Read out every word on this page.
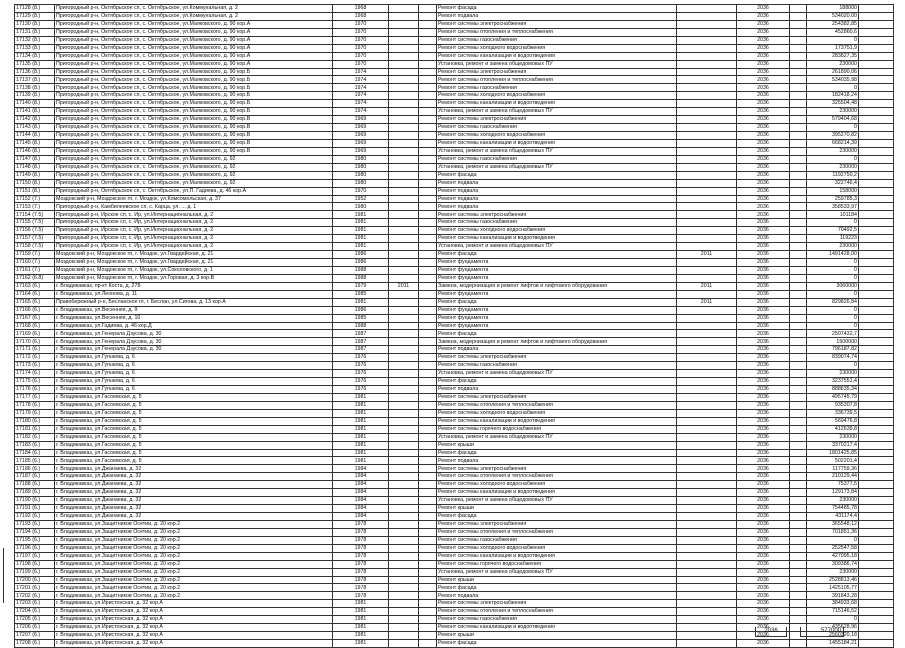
17128 (8.)	Пригородный р-н, Октябрьское сп, с. Октябрьское, ул.Коммунальная, д. 2	1968			Ремонт фасада		2036		188000	
17129 (8.)	Пригородный р-н, Октябрьское сп, с. Октябрьское, ул.Коммунальная, д. 2	1968			Ремонт подвала		2036		534020,00	
17130 (8.)	Пригородный р-н, Октябрьское сп, с. Октябрьское, ул.Маяковского, д. 90 кор.А	1970			Ремонт системы электроснабжения		2036		254382,85	
17131 (8.)	Пригородный р-н, Октябрьское сп, с. Октябрьское, ул.Маяковского, д. 90 кор.А	1970			Ремонт системы отопления и теплоснабжения		2036		452860,6	
17132 (8.)	Пригородный р-н, Октябрьское сп, с. Октябрьское, ул.Маяковского, д. 90 кор.А	1970			Ремонт системы газоснабжения		2036		0	
17133 (8.)	Пригородный р-н, Октябрьское сп, с. Октябрьское, ул.Маяковского, д. 90 кор.А	1970			Ремонт системы холодного водоснабжения		2036		173751,9	
17134 (8.)	Пригородный р-н, Октябрьское сп, с. Октябрьское, ул.Маяковского, д. 90 кор.А	1970			Ремонт системы канализации и водоотведения		2036		283827,35	
17135 (8.)	Пригородный р-н, Октябрьское сп, с. Октябрьское, ул.Маяковского, д. 90 кор.А	1970			Установка, ремонт и замена общедомовых ПУ		2036		230000	
17136 (8.)	Пригородный р-н, Октябрьское сп, с. Октябрьское, ул.Маяковского, д. 90 кор.Б	1974			Ремонт системы электроснабжения		2036		261890,06	
17137 (8.)	Пригородный р-н, Октябрьское сп, с. Октябрьское, ул.Маяковского, д. 90 кор.Б	1974			Ремонт системы отопления и теплоснабжения		2036		534035,98	
17138 (8.)	Пригородный р-н, Октябрьское сп, с. Октябрьское, ул.Маяковского, д. 90 кор.Б	1974			Ремонт системы газоснабжения		2036		0	
17139 (8.)	Пригородный р-н, Октябрьское сп, с. Октябрьское, ул.Маяковского, д. 90 кор.Б	1974			Ремонт системы холодного водоснабжения		2036		182418,24	
17140 (8.)	Пригородный р-н, Октябрьское сп, с. Октябрьское, ул.Маяковского, д. 90 кор.Б	1974			Ремонт системы канализации и водоотведения		2036		325504,48	
17141 (8.)	Пригородный р-н, Октябрьское сп, с. Октябрьское, ул.Маяковского, д. 90 кор.Б	1974			Установка, ремонт и замена общедомовых ПУ		2036		230000	
17142 (8.)	Пригородный р-н, Октябрьское сп, с. Октябрьское, ул.Маяковского, д. 90 кор.В	1969			Ремонт системы электроснабжения		2036		579404,68	
17143 (8.)	Пригородный р-н, Октябрьское сп, с. Октябрьское, ул.Маяковского, д. 90 кор.В	1969			Ремонт системы газоснабжения		2036		0	
17144 (8.)	Пригородный р-н, Октябрьское сп, с. Октябрьское, ул.Маяковского, д. 90 кор.В	1969			Ремонт системы холодного водоснабжения		2036		395270,82	
17145 (8.)	Пригородный р-н, Октябрьское сп, с. Октябрьское, ул.Маяковского, д. 90 кор.В	1969			Ремонт системы канализации и водоотведения		2036		668214,39	
17146 (8.)	Пригородный р-н, Октябрьское сп, с. Октябрьское, ул.Маяковского, д. 90 кор.В	1969			Установка, ремонт и замена общедомовых ПУ		2036		230000	
17147 (8.)	Пригородный р-н, Октябрьское сп, с. Октябрьское, ул.Маяковского, д. 92	1980			Ремонт системы газоснабжения		2036		0	
17148 (8.)	Пригородный р-н, Октябрьское сп, с. Октябрьское, ул.Маяковского, д. 92	1980			Установка, ремонт и замена общедомовых ПУ		2036		230000	
17149 (8.)	Пригородный р-н, Октябрьское сп, с. Октябрьское, ул.Маяковского, д. 92	1980			Ремонт фасада		2036		1192750,2	
17150 (8.)	Пригородный р-н, Октябрьское сп, с. Октябрьское, ул.Маяковского, д. 92	1980			Ремонт подвала		2036		322746,4	
17151 (8.)	Пригородный р-н, Октябрьское сп, с. Октябрьское, ул.П. Гадиева, д. 46 кор.А	1970			Ремонт подвала		2036		158000	
17152 (7.)	Моздокский р-н, Моздокское гп, г. Моздок, ул.Комсомольская, д. 37	1952			Ремонт подвала		2036		259785,3	
17153 (7.)	Пригородный р-н, Камбилеевское сп, с. Карца, ул. ... д. 1	1980			Ремонт подвала		2036		358533,97	
17154 (7.5)	Пригородный р-н, Ирское сп, с. Ир, ул.Интернациональная, д. 2	1981			Ремонт системы электроснабжения		2036		101184	
17155 (7.5)	Пригородный р-н, Ирское сп, с. Ир, ул.Интернациональная, д. 2	1981			Ремонт системы газоснабжения		2036		0	
17156 (7.5)	Пригородный р-н, Ирское сп, с. Ир, ул.Интернациональная, д. 2	1981			Ремонт системы холодного водоснабжения		2036		70492,5	
17157 (7.5)	Пригородный р-н, Ирское сп, с. Ир, ул.Интернациональная, д. 2	1981			Ремонт системы канализации и водоотведения		2036		119223	
17158 (7.5)	Пригородный р-н, Ирское сп, с. Ир, ул.Интернациональная, д. 2	1981			Установка, ремонт и замена общедомовых ПУ		2036		230000	
17159 (7.)	Моздокский р-н, Моздокское гп, г. Моздок, ул.Гвардейская, д. 21	1986			Ремонт фасада	2011	2036		1491428,00	
17160 (7.)	Моздокский р-н, Моздокское гп, г. Моздок, ул.Гвардейская, д. 21	1986			Ремонт фундамента		2036		0	
17161 (7.)	Моздокский р-н, Моздокское гп, г. Моздок, ул.Соколовского, д. 1	1988			Ремонт фундамента		2036		0	
17162 (6.8)	Моздокский р-н, Моздокское гп, г. Моздок, ул.Горовая, д. 3 кор.В	1988			Ремонт фундамента		2036		0	
17163 (6.)	г. Владикавказ, пр-кт Коста, д. 278	1979	2011		Замена, модернизация и ремонт лифтов и лифтового оборудования	2011	2036		3060000	
17164 (6.)	г. Владикавказ, ул.Леонова, д. 11	1985			Ремонт фундамента		2036		0	
17165 (6.)	Правобережный р-н, Бесланское гп, г. Беслан, ул.Сигова, д. 13 кор.А	1981			Ремонт фасада	2011	2036		829826,84	
17166 (6.)	г. Владикавказ, ул.Весенняя, д. 9	1986			Ремонт фундамента		2036		0	
17167 (6.)	г. Владикавказ, ул.Весенняя, д. 10	1985			Ремонт фундамента		2036		0	
17168 (6.)	г. Владикавказ, ул.Гадиева, д. 46 кор.Д	1988			Ремонт фундамента		2036		0	
17169 (6.)	г. Владикавказ, ул.Генерала Дзусова, д. 30	1987			Ремонт фасада		2036		2507432,7	
17170 (6.)	г. Владикавказ, ул.Генерала Дзусова, д. 30	1987			Замена, модернизация и ремонт лифтов и лифтового оборудования		2036		1500000	
17171 (6.)	г. Владикавказ, ул.Генерала Дзусова, д. 30	1987			Ремонт подвала		2036		796187,82	
17172 (6.)	г. Владикавказ, ул.Гугкаева, д. 6	1976			Ремонт системы электроснабжения		2036		839074,74	
17173 (6.)	г. Владикавказ, ул.Гугкаева, д. 6	1976			Ремонт системы газоснабжения		2036		0	
17174 (6.)	г. Владикавказ, ул.Гугкаева, д. 6	1976			Установка, ремонт и замена общедомовых ПУ		2036		230000	
17175 (6.)	г. Владикавказ, ул.Гугкаева, д. 6	1976			Ремонт фасада		2036		3237551,4	
17176 (6.)	г. Владикавказ, ул.Гугкаева, д. 6	1976			Ремонт подвала		2036		888635,34	
17177 (6.)	г. Владикавказ, ул.Гасоевская, д. 5	1981			Ремонт системы электроснабжения		2036		495745,79	
17178 (6.)	г. Владикавказ, ул.Гасоевская, д. 5	1981			Ремонт системы отопления и теплоснабжения		2036		935307,8	
17179 (6.)	г. Владикавказ, ул.Гасоевская, д. 5	1981			Ремонт системы холодного водоснабжения		2036		336739,5	
17180 (6.)	г. Владикавказ, ул.Гасоевская, д. 5	1981			Ремонт системы канализации и водоотведения		2036		569476,8	
17181 (6.)	г. Владикавказ, ул.Гасоевская, д. 5	1981			Ремонт системы горячего водоснабжения		2036		412639,8	
17182 (6.)	г. Владикавказ, ул.Гасоевская, д. 5	1981			Установка, ремонт и замена общедомовых ПУ		2036		230000	
17183 (6.)	г. Владикавказ, ул.Гасоевская, д. 5	1981			Ремонт крыши		2036		3370217,4	
17184 (6.)	г. Владикавказ, ул.Гасоевская, д. 5	1981			Ремонт фасада		2036		1801425,85	
17185 (6.)	г. Владикавказ, ул.Гасоевская, д. 5	1981			Ремонт подвала		2036		502201,4	
17186 (6.)	г. Владикавказ, ул.Джанаева, д. 32	1984			Ремонт системы электроснабжения		2036		117759,36	
17187 (6.)	г. Владикавказ, ул.Джанаева, д. 32	1984			Ремонт системы отопления и теплоснабжения		2036		210129,44	
17188 (6.)	г. Владикавказ, ул.Джанаева, д. 32	1984			Ремонт системы холодного водоснабжения		2036		75377,5	
17189 (6.)	г. Владикавказ, ул.Джанаева, д. 32	1984			Ремонт системы канализации и водоотведения		2036		129173,84	
17190 (6.)	г. Владикавказ, ул.Джанаева, д. 32	1984			Установка, ремонт и замена общедомовых ПУ		2036		230000	
17191 (6.)	г. Владикавказ, ул.Джанаева, д. 32	1984			Ремонт крыши		2036		754485,78	
17192 (6.)	г. Владикавказ, ул.Джанаева, д. 32	1984			Ремонт фасада		2036		431174,4	
17193 (6.)	г. Владикавказ, ул.Защитников Осетии, д. 20 кор.2	1978			Ремонт системы электроснабжения		2036		365548,12	
17194 (6.)	г. Владикавказ, ул.Защитников Осетии, д. 20 кор.2	1978			Ремонт системы отопления и теплоснабжения		2036		701851,36	
17195 (6.)	г. Владикавказ, ул.Защитников Осетии, д. 20 кор.2	1978			Ремонт системы газоснабжения		2036		0	
17196 (6.)	г. Владикавказ, ул.Защитников Осетии, д. 20 кор.2	1978			Ремонт системы холодного водоснабжения		2036		252547,58	
17197 (6.)	г. Владикавказ, ул.Защитников Осетии, д. 20 кор.2	1978			Ремонт системы канализации и водоотведения		2036		427095,18	
17198 (6.)	г. Владикавказ, ул.Защитников Осетии, д. 20 кор.2	1978			Ремонт системы горячего водоснабжения		2036		309386,74	
17199 (6.)	г. Владикавказ, ул.Защитников Осетии, д. 20 кор.2	1978			Установка, ремонт и замена общедомовых ПУ		2036		230000	
17200 (6.)	г. Владикавказ, ул.Защитников Осетии, д. 20 кор.2	1978			Ремонт крыши		2036		2528813,46	
17201 (6.)	г. Владикавказ, ул.Защитников Осетии, д. 20 кор.2	1978			Ремонт фасада		2036		1425105,77	
17202 (6.)	г. Владикавказ, ул.Защитников Осетии, д. 20 кор.2	1978			Ремонт подвала		2036		391843,28	
17203 (6.)	г. Владикавказ, ул.Иристонская, д. 32 кор.А	1981			Ремонт системы электроснабжения		2036		384933,68	
17204 (6.)	г. Владикавказ, ул.Иристонская, д. 32 кор.А	1981			Ремонт системы отопления и теплоснабжения		2036		715146,52	
17205 (6.)	г. Владикавказ, ул.Иристонская, д. 32 кор.А	1981			Ремонт системы газоснабжения		2036		0	
17206 (6.)	г. Владикавказ, ул.Иристонская, д. 32 кор.А	1981			Ремонт системы канализации и водоотведения		2036		435628,96	
17207 (6.)	г. Владикавказ, ул.Иристонская, д. 32 кор.А	1981			Ремонт крыши		2036		2560320,18	
17208 (6.)	г. Владикавказ, ул.Иристонская, д. 32 кор.А	1981			Ремонт фасада		2036		1455184,21	
2036	577000
